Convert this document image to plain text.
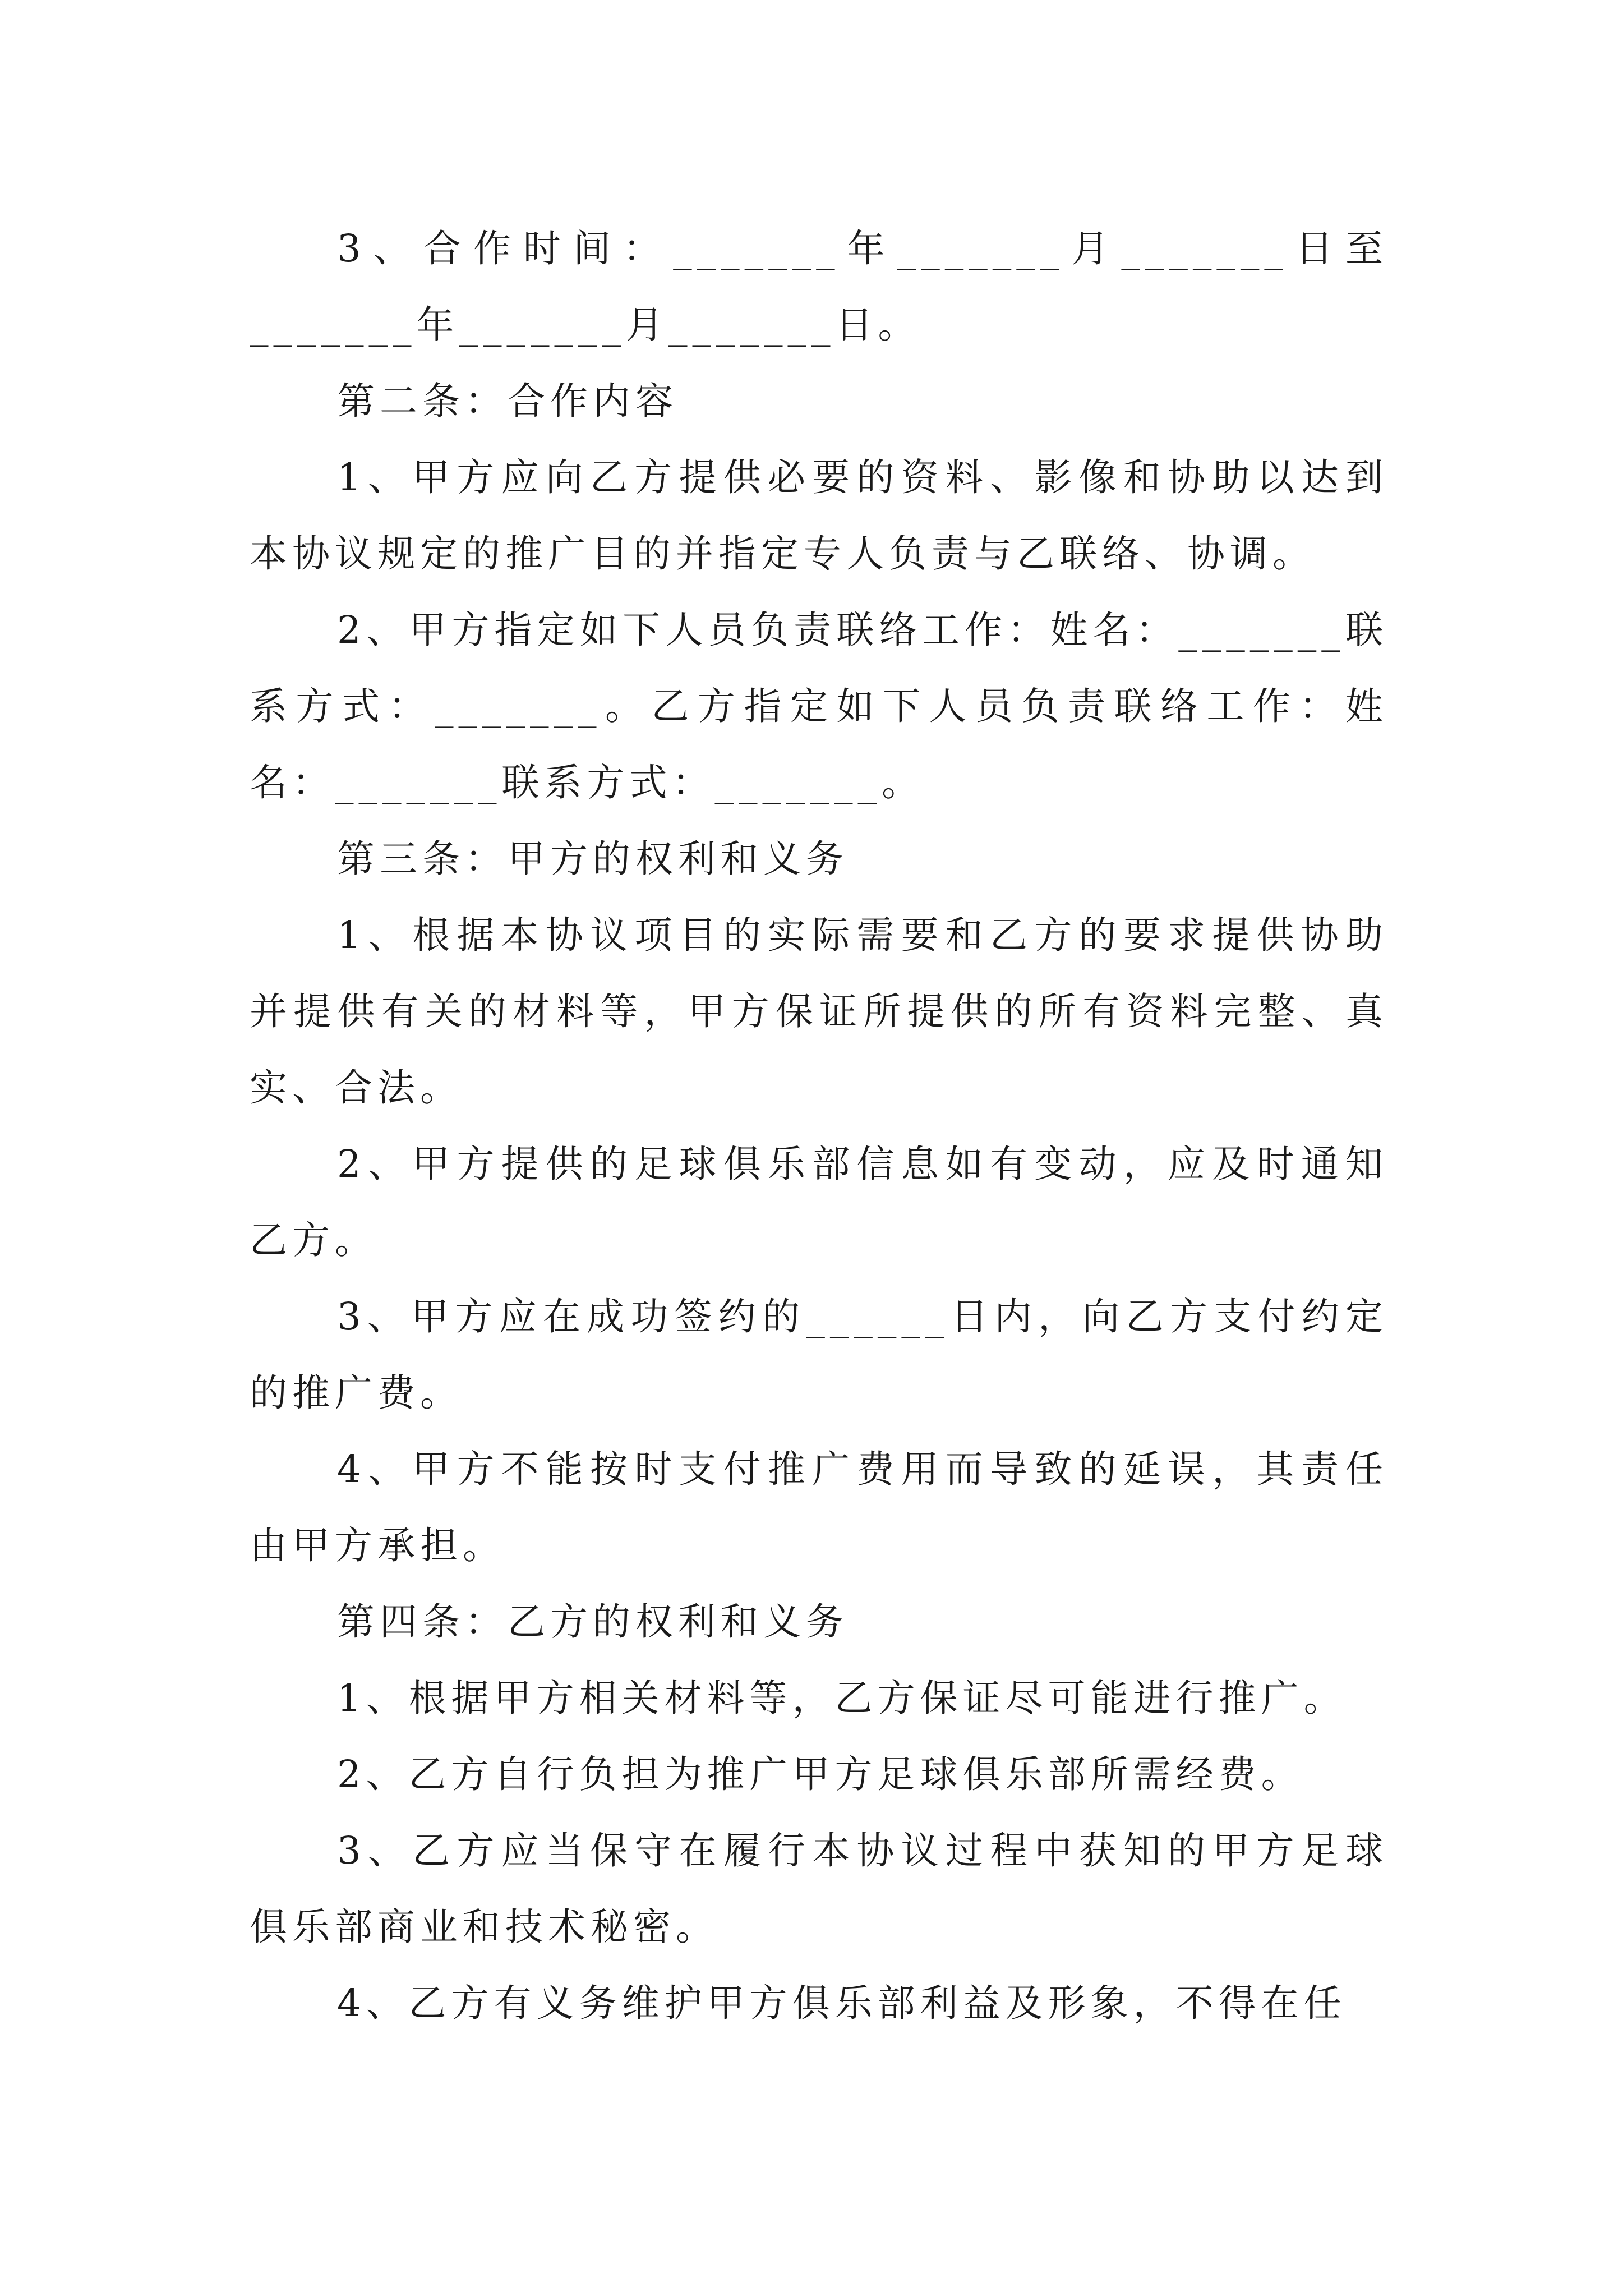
3、合作时间：_______年_______月_______日至_______年_______月_______日。

第二条：合作内容

1、甲方应向乙方提供必要的资料、影像和协助以达到本协议规定的推广目的并指定专人负责与乙联络、协调。

2、甲方指定如下人员负责联络工作：姓名：_______联系方式：_______。乙方指定如下人员负责联络工作：姓名：_______联系方式：_______。

第三条：甲方的权利和义务

1、根据本协议项目的实际需要和乙方的要求提供协助并提供有关的材料等，甲方保证所提供的所有资料完整、真实、合法。

2、甲方提供的足球俱乐部信息如有变动，应及时通知乙方。

3、甲方应在成功签约的______日内，向乙方支付约定的推广费。

4、甲方不能按时支付推广费用而导致的延误，其责任由甲方承担。

第四条：乙方的权利和义务

1、根据甲方相关材料等，乙方保证尽可能进行推广。

2、乙方自行负担为推广甲方足球俱乐部所需经费。

3、乙方应当保守在履行本协议过程中获知的甲方足球俱乐部商业和技术秘密。

4、乙方有义务维护甲方俱乐部利益及形象，不得在任
